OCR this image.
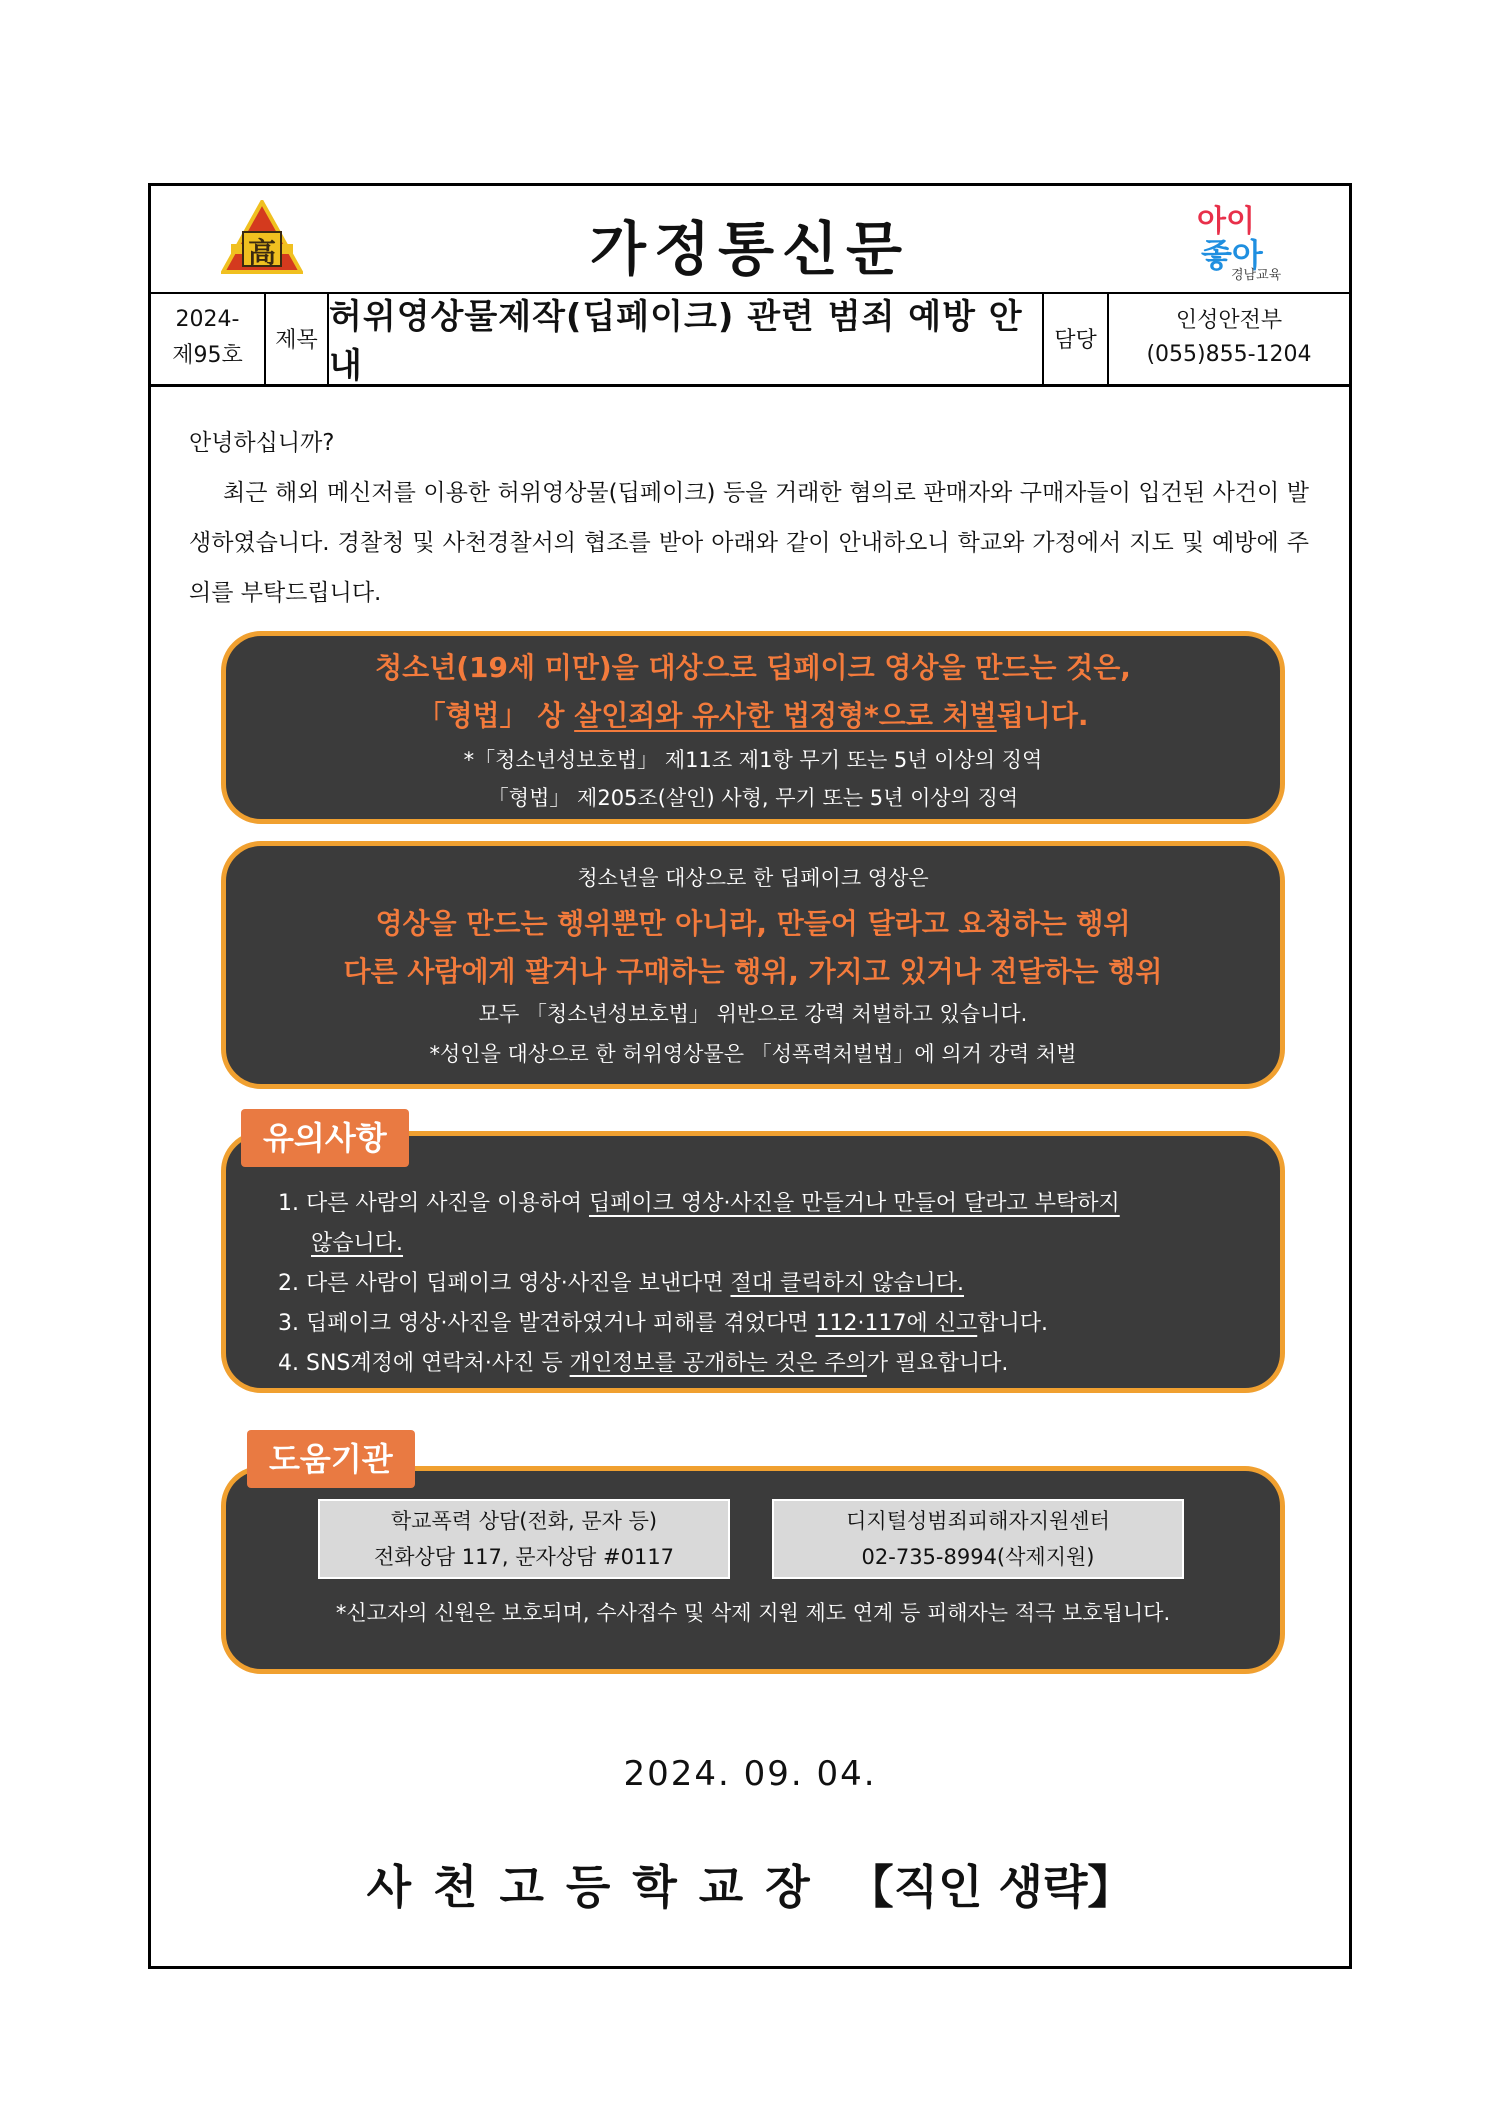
高	가정통신문	아이
좋아
경남교육
2024-
제95호
제목
허위영상물제작(딥페이크) 관련 범죄 예방 안내
담당
인성안전부
(055)855-1204

안녕하십니까?

최근 해외 메신저를 이용한 허위영상물(딥페이크) 등을 거래한 혐의로 판매자와 구매자들이 입건된 사건이 발생하였습니다. 경찰청 및 사천경찰서의 협조를 받아 아래와 같이 안내하오니 학교와 가정에서 지도 및 예방에 주의를 부탁드립니다.

청소년(19세 미만)을 대상으로 딥페이크 영상을 만드는 것은,
「형법」 상 살인죄와 유사한 법정형*으로 처벌됩니다.
*「청소년성보호법」 제11조 제1항 무기 또는 5년 이상의 징역
「형법」 제205조(살인) 사형, 무기 또는 5년 이상의 징역
청소년을 대상으로 한 딥페이크 영상은
영상을 만드는 행위뿐만 아니라, 만들어 달라고 요청하는 행위
다른 사람에게 팔거나 구매하는 행위, 가지고 있거나 전달하는 행위
모두 「청소년성보호법」 위반으로 강력 처벌하고 있습니다.
*성인을 대상으로 한 허위영상물은 「성폭력처벌법」에 의거 강력 처벌
1. 다른 사람의 사진을 이용하여 딥페이크 영상·사진을 만들거나 만들어 달라고 부탁하지
않습니다.
2. 다른 사람이 딥페이크 영상·사진을 보낸다면 절대 클릭하지 않습니다.
3. 딥페이크 영상·사진을 발견하였거나 피해를 겪었다면 112·117에 신고합니다.
4. SNS계정에 연락처·사진 등 개인정보를 공개하는 것은 주의가 필요합니다.
유의사항
학교폭력 상담(전화, 문자 등)
전화상담 117, 문자상담 #0117
디지털성범죄피해자지원센터
02-735-8994(삭제지원)
*신고자의 신원은 보호되며, 수사접수 및 삭제 지원 제도 연계 등 피해자는 적극 보호됩니다.
도움기관
2024. 09. 04.
사천고등학교장 【직인 생략】
